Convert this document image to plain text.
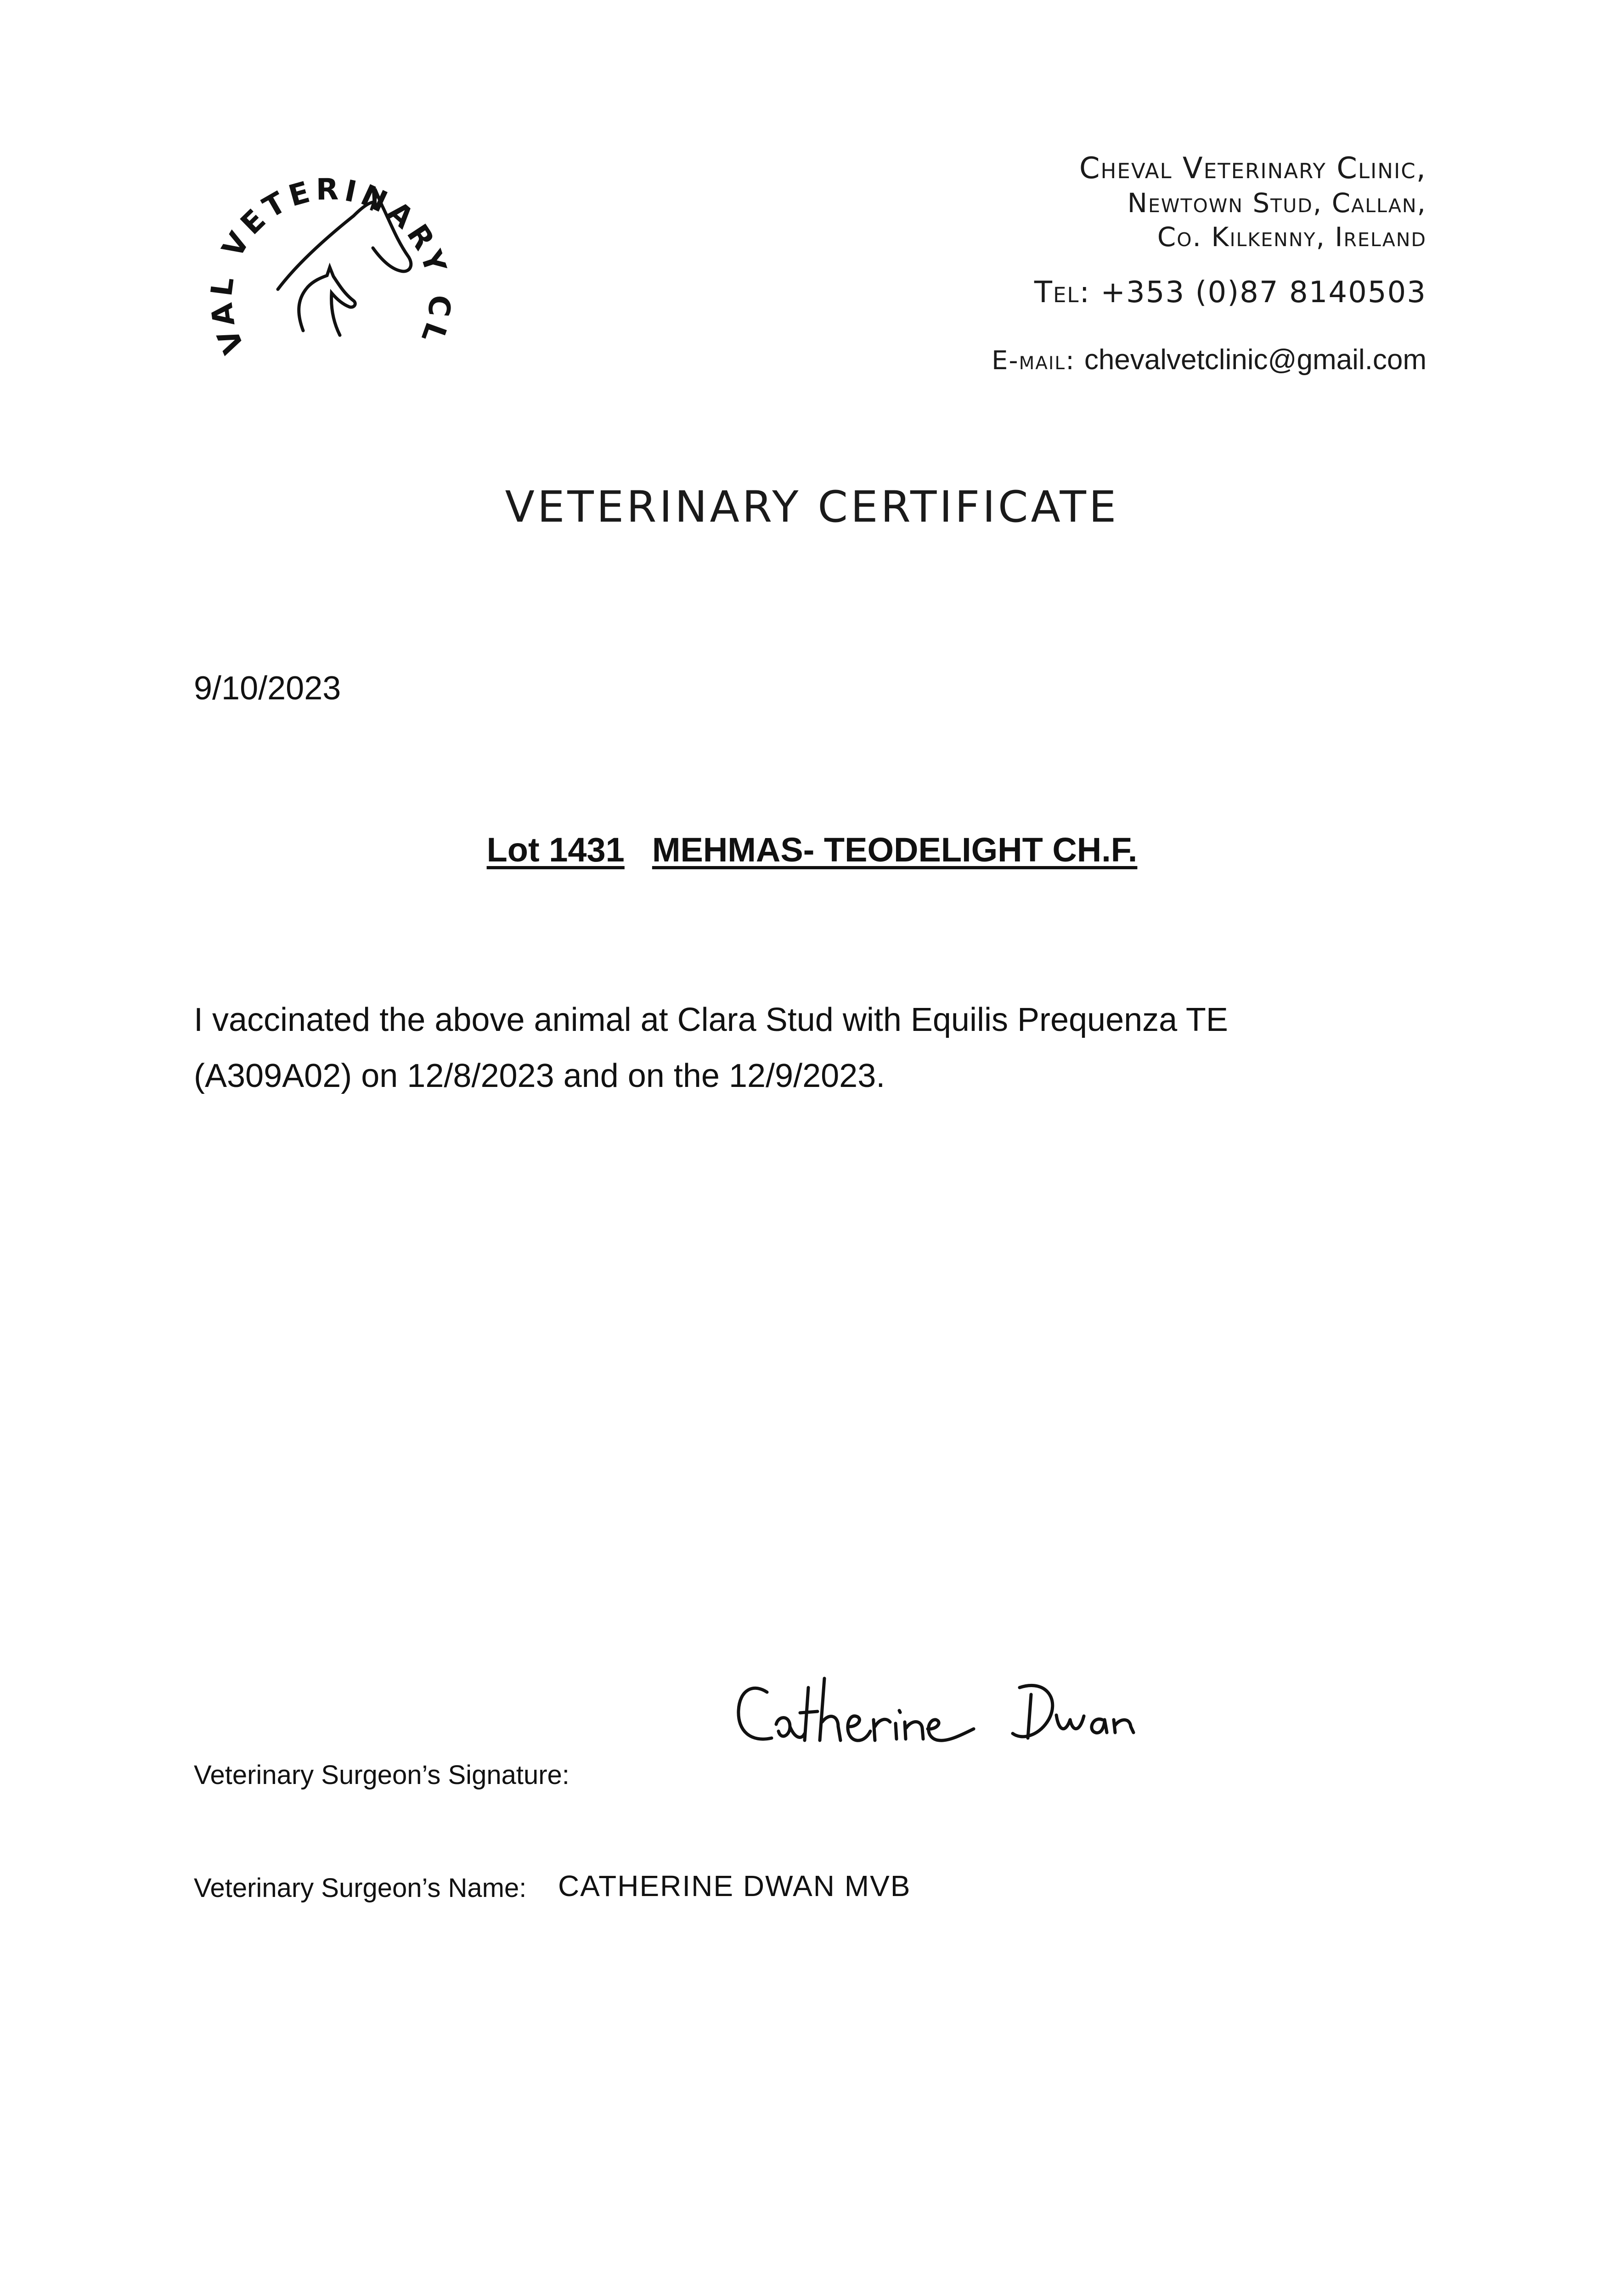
VAL VETERINARY CL
Cheval Veterinary Clinic,
Newtown Stud, Callan,
Co. Kilkenny, Ireland
Tel: +353 (0)87 8140503
E-mail: chevalvetclinic@gmail.com
VETERINARY CERTIFICATE
9/10/2023
Lot 1431 MEHMAS- TEODELIGHT CH.F.
I vaccinated the above animal at Clara Stud with Equilis Prequenza TE
(A309A02) on 12/8/2023 and on the 12/9/2023.
Veterinary Surgeon’s Signature:
Veterinary Surgeon’s Name: CATHERINE DWAN MVB
